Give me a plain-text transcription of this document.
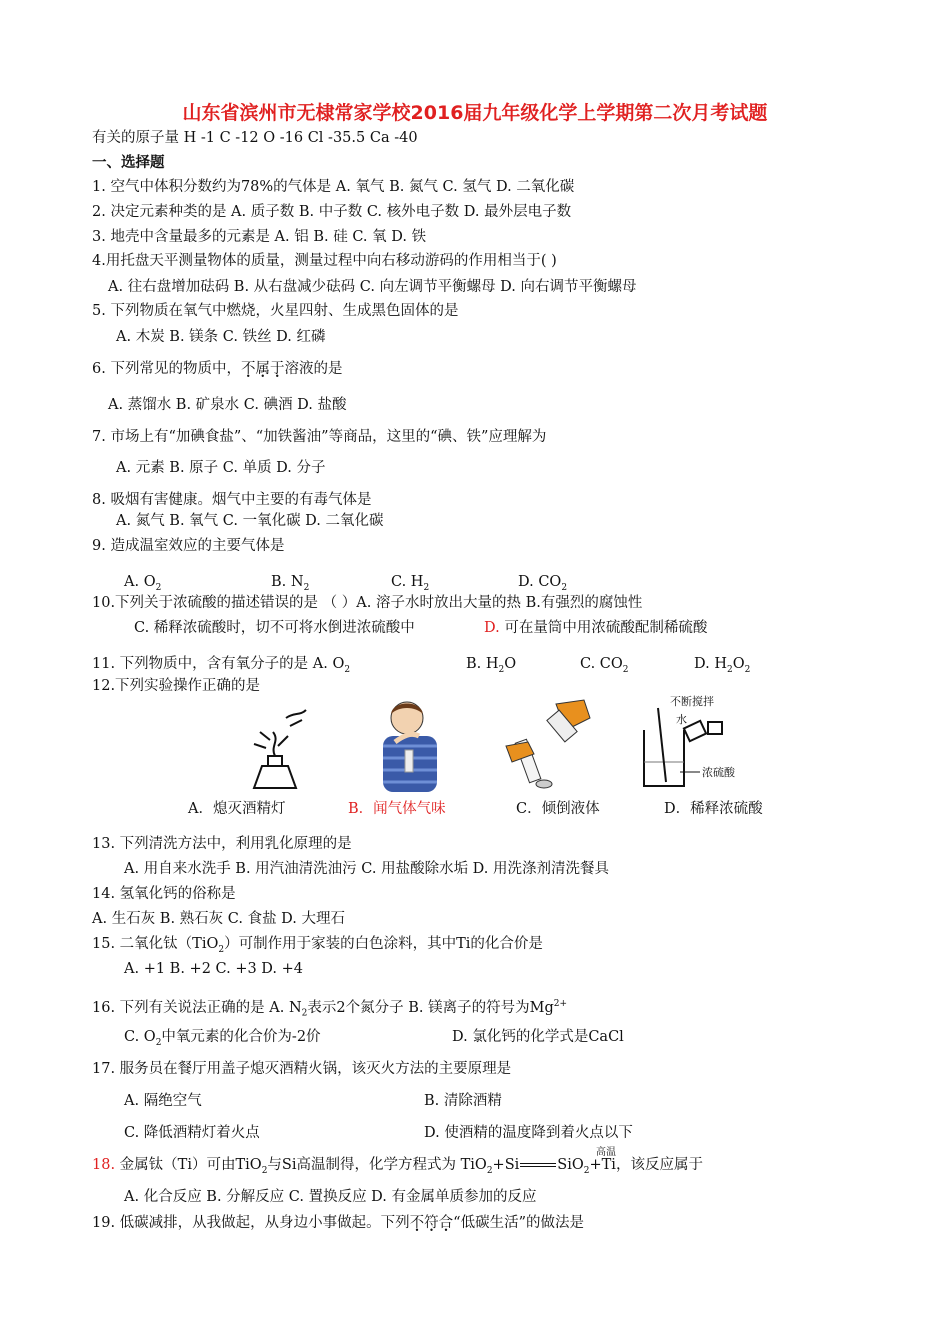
山东省滨州市无棣常家学校2016届九年级化学上学期第二次月考试题
有关的原子量 H -1 C -12 O -16 Cl -35.5 Ca -40
一、选择题
1. 空气中体积分数约为78%的气体是 A. 氧气 B. 氮气 C. 氢气 D. 二氧化碳
2. 决定元素种类的是 A. 质子数 B. 中子数 C. 核外电子数 D. 最外层电子数
3. 地壳中含量最多的元素是 A. 铝 B. 硅 C. 氧 D. 铁
4.用托盘天平测量物体的质量，测量过程中向右移动游码的作用相当于( )
A. 往右盘增加砝码 B. 从右盘减少砝码 C. 向左调节平衡螺母 D. 向右调节平衡螺母
5. 下列物质在氧气中燃烧，火星四射、生成黑色固体的是
A. 木炭 B. 镁条 C. 铁丝 D. 红磷
6. 下列常见的物质中，不属于溶液的是
A. 蒸馏水 B. 矿泉水 C. 碘酒 D. 盐酸
7. 市场上有“加碘食盐”、“加铁酱油”等商品，这里的“碘、铁”应理解为
A. 元素 B. 原子 C. 单质 D. 分子
8. 吸烟有害健康。烟气中主要的有毒气体是
A. 氮气 B. 氧气 C. 一氧化碳 D. 二氧化碳
9. 造成温室效应的主要气体是
A. $O_2$	B. $N_2$	C. $H_2$	D. $CO_2$
10.下列关于浓硫酸的描述错误的是 （ ）A. 溶子水时放出大量的热 B.有强烈的腐蚀性
C. 稀释浓硫酸时，切不可将水倒进浓硫酸中	D. 可在量筒中用浓硫酸配制稀硫酸
11. 下列物质中，含有氧分子的是 A. $O_2$	B. $H_2O$	C. $CO_2$	D. $H_2O_2$
12.下列实验操作正确的是
不断搅拌
水
浓硫酸
A．熄灭酒精灯	B．闻气体气味	C．倾倒液体	D．稀释浓硫酸
13. 下列清洗方法中，利用乳化原理的是
A. 用自来水洗手 B. 用汽油清洗油污 C. 用盐酸除水垢 D. 用洗涤剂清洗餐具
14. 氢氧化钙的俗称是
A. 生石灰 B. 熟石灰 C. 食盐 D. 大理石
15. 二氧化钛（TiO$_2$）可制作用于家装的白色涂料，其中Ti的化合价是
A. +1 B. +2 C. +3 D. +4
16. 下列有关说法正确的是 A. $N_2$表示2个氮分子 B. 镁离子的符号为$Mg^{2+}$
C. $O_2$中氧元素的化合价为-2价	D. 氯化钙的化学式是CaCl
17. 服务员在餐厅用盖子熄灭酒精火锅，该灭火方法的主要原理是
A. 隔绝空气	B. 清除酒精
C. 降低酒精灯着火点	D. 使酒精的温度降到着火点以下
18. 金属钛（Ti）可由TiO$_2$与Si高温制得，化学方程式为 TiO$_2$+Si	SiO$_2$+Ti，该反应属于
高温
A. 化合反应 B. 分解反应 C. 置换反应 D. 有金属单质参加的反应
19. 低碳减排，从我做起，从身边小事做起。下列不符合“低碳生活”的做法是
